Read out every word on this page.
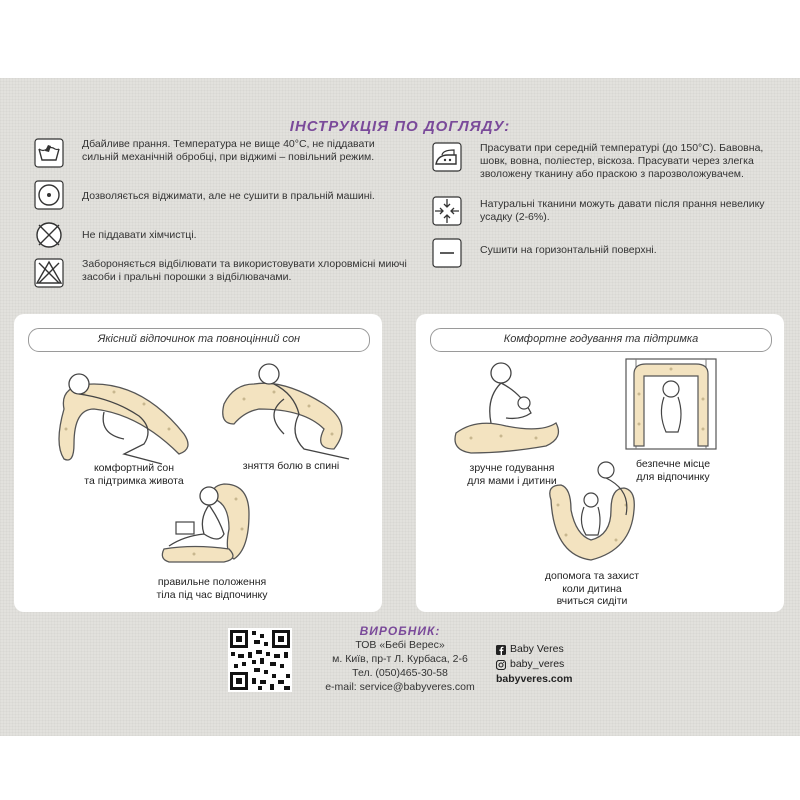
ІНСТРУКЦІЯ ПО ДОГЛЯДУ:
Дбайливе прання. Температура не вище 40°С, не піддавати сильній механічній обробці, при віджимі – повільний режим.
Дозволяється віджимати, але не сушити в пральній машині.
Не піддавати хімчистці.
Забороняється відбілювати та використовувати хлоровмісні миючі засоби і пральні порошки з відбілювачами.
Прасувати при середній температурі (до 150°С). Бавовна, шовк, вовна, поліестер, віскоза. Прасувати через злегка зволожену тканину або праскою з парозволожувачем.
Натуральні тканини можуть давати після прання невелику усадку (2-6%).
Сушити на горизонтальній поверхні.
Якісний відпочинок та повноцінний сон
комфортний сон
та підтримка живота
зняття болю в спині
правильне положення
тіла під час відпочинку
Комфортне годування та підтримка
зручне годування
для мами і дитини
безпечне місце
для відпочинку
допомога та захист
коли дитина
вчиться сидіти
ВИРОБНИК:
ТОВ «Бебі Верес»
м. Київ, пр-т Л. Курбаса, 2-6
Тел. (050)465-30-58
e-mail: service@babyveres.com
Baby Veres
baby_veres
babyveres.com
